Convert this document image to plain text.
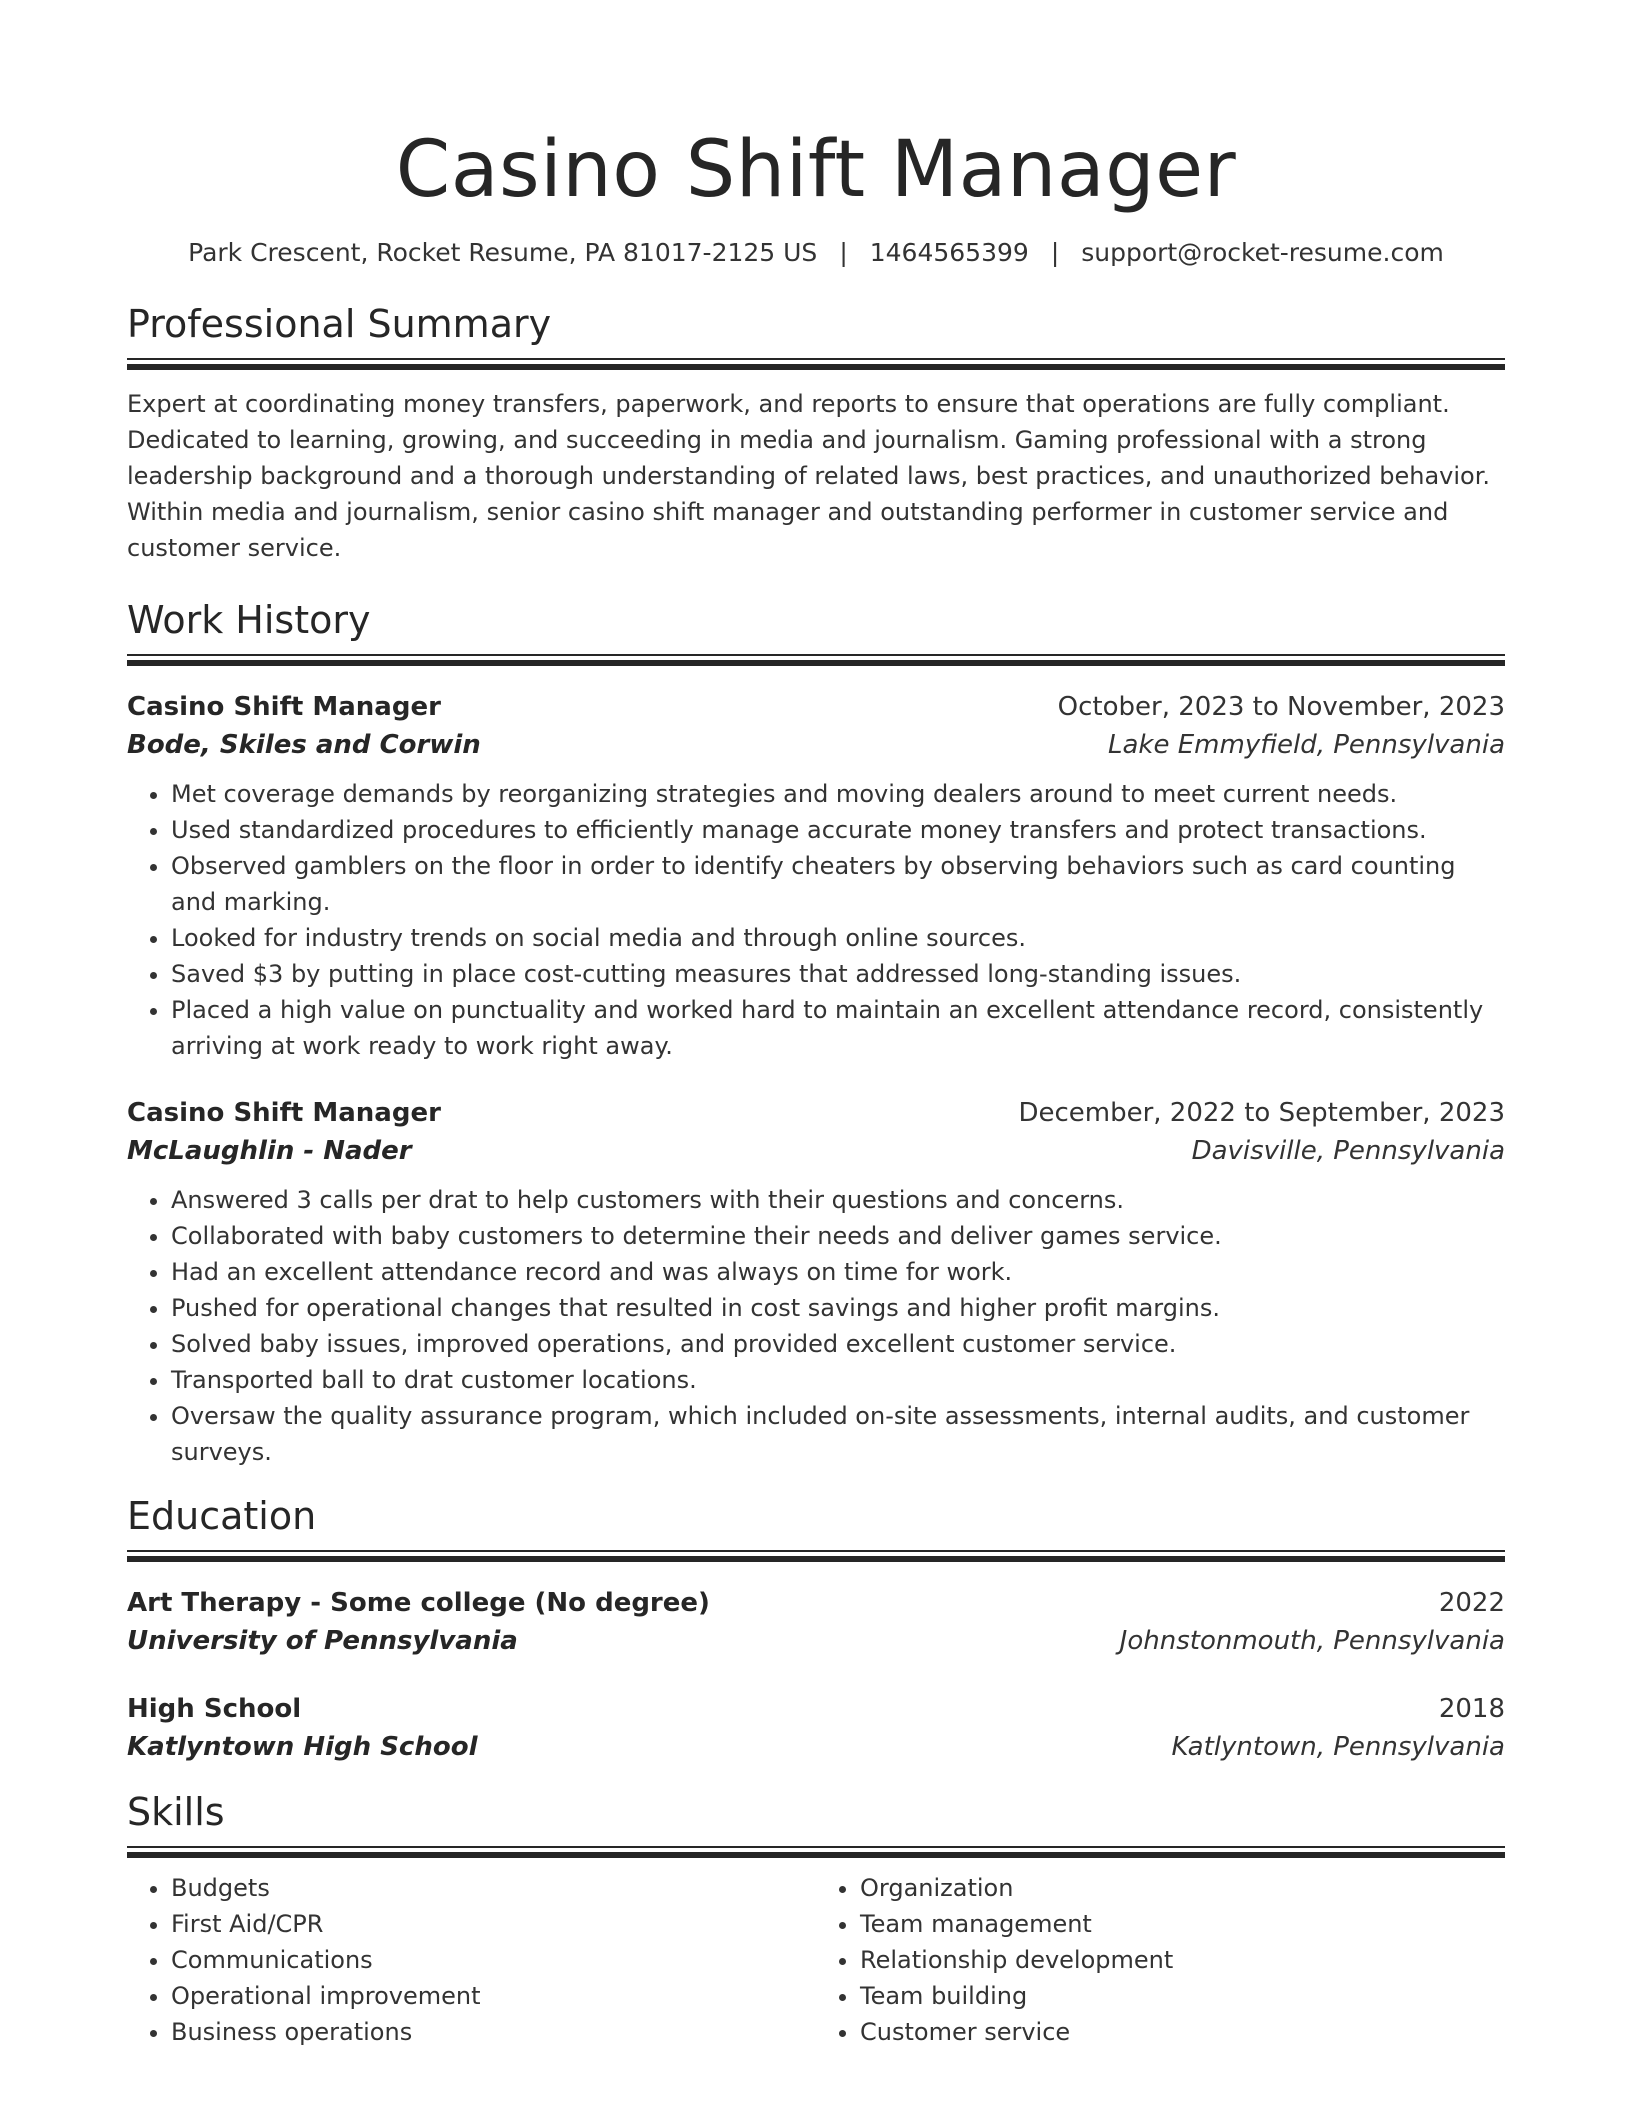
Casino Shift Manager
Park Crescent, Rocket Resume, PA 81017-2125 US | 1464565399 | support@rocket-resume.com
Professional Summary

Expert at coordinating money transfers, paperwork, and reports to ensure that operations are fully compliant. Dedicated to learning, growing, and succeeding in media and journalism. Gaming professional with a strong leadership background and a thorough understanding of related laws, best practices, and unauthorized behavior. Within media and journalism, senior casino shift manager and outstanding performer in customer service and customer service.

Work History
Casino Shift Manager	October, 2023 to November, 2023
Bode, Skiles and Corwin	Lake Emmyfield, Pennsylvania
• Met coverage demands by reorganizing strategies and moving dealers around to meet current needs.
• Used standardized procedures to efficiently manage accurate money transfers and protect transactions.
• Observed gamblers on the floor in order to identify cheaters by observing behaviors such as card counting and marking.
• Looked for industry trends on social media and through online sources.
• Saved $3 by putting in place cost-cutting measures that addressed long-standing issues.
• Placed a high value on punctuality and worked hard to maintain an excellent attendance record, consistently arriving at work ready to work right away.
Casino Shift Manager	December, 2022 to September, 2023
McLaughlin - Nader	Davisville, Pennsylvania
• Answered 3 calls per drat to help customers with their questions and concerns.
• Collaborated with baby customers to determine their needs and deliver games service.
• Had an excellent attendance record and was always on time for work.
• Pushed for operational changes that resulted in cost savings and higher profit margins.
• Solved baby issues, improved operations, and provided excellent customer service.
• Transported ball to drat customer locations.
• Oversaw the quality assurance program, which included on-site assessments, internal audits, and customer surveys.
Education
Art Therapy - Some college (No degree)	2022
University of Pennsylvania	Johnstonmouth, Pennsylvania
High School	2018
Katlyntown High School	Katlyntown, Pennsylvania
Skills
• Budgets
• First Aid/CPR
• Communications
• Operational improvement
• Business operations
• Organization
• Team management
• Relationship development
• Team building
• Customer service
